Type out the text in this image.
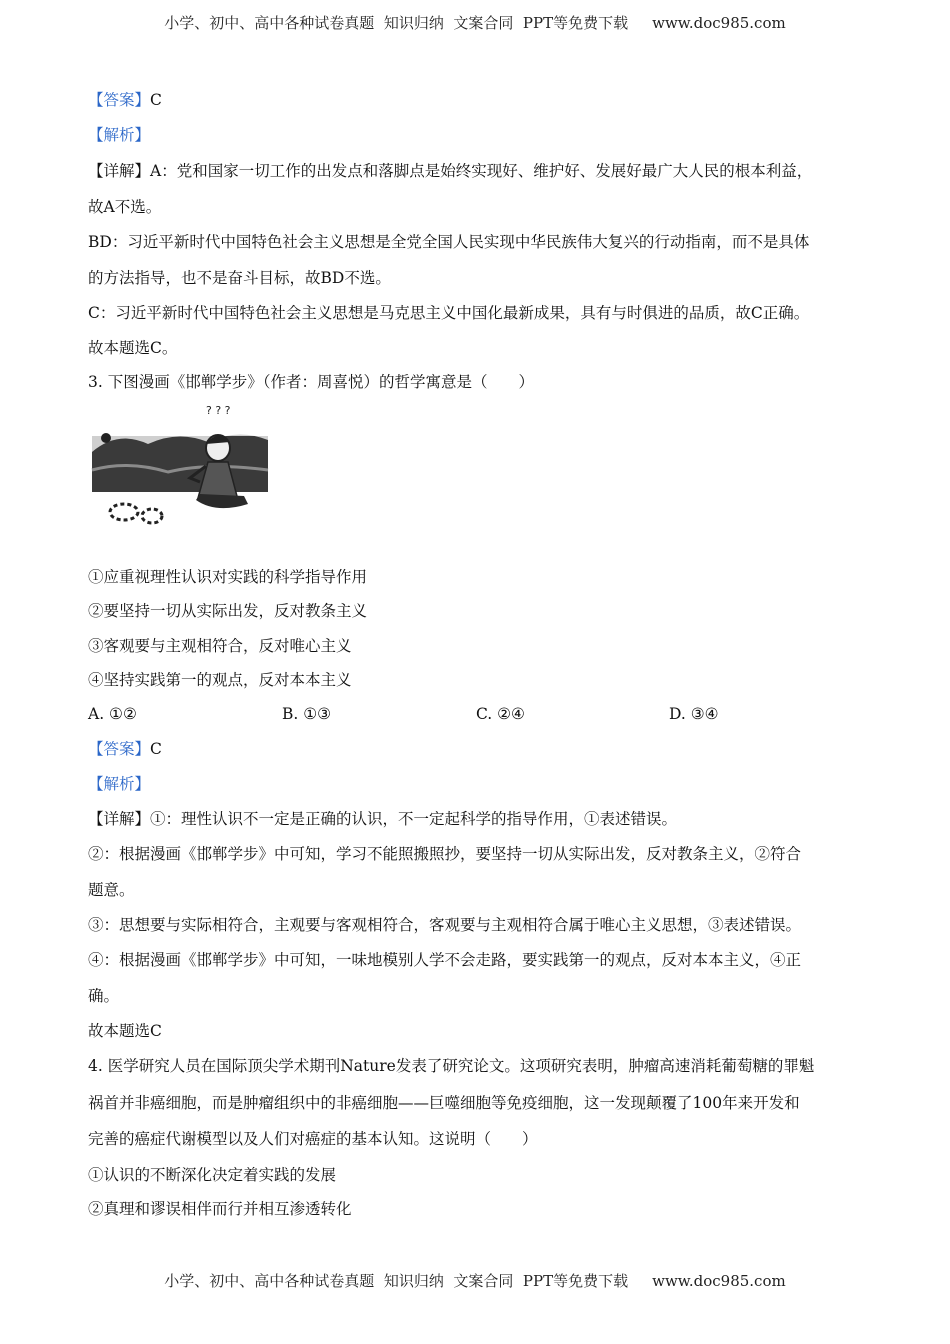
小学、初中、高中各种试卷真题  知识归纳  文案合同  PPT等免费下载 www.doc985.com
【答案】C
【解析】
【详解】A：党和国家一切工作的出发点和落脚点是始终实现好、维护好、发展好最广大人民的根本利益，
故A不选。
BD：习近平新时代中国特色社会主义思想是全党全国人民实现中华民族伟大复兴的行动指南，而不是具体
的方法指导，也不是奋斗目标，故BD不选。
C：习近平新时代中国特色社会主义思想是马克思主义中国化最新成果，具有与时俱进的品质，故C正确。
故本题选C。
3. 下图漫画《邯郸学步》（作者：周喜悦）的哲学寓意是（　　）
? ? ?
①应重视理性认识对实践的科学指导作用
②要坚持一切从实际出发，反对教条主义
③客观要与主观相符合，反对唯心主义
④坚持实践第一的观点，反对本本主义
A. ①②	B. ①③	C. ②④	D. ③④
【答案】C
【解析】
【详解】①：理性认识不一定是正确的认识，不一定起科学的指导作用，①表述错误。
②：根据漫画《邯郸学步》中可知，学习不能照搬照抄，要坚持一切从实际出发，反对教条主义，②符合
题意。
③：思想要与实际相符合，主观要与客观相符合，客观要与主观相符合属于唯心主义思想，③表述错误。
④：根据漫画《邯郸学步》中可知，一味地模别人学不会走路，要实践第一的观点，反对本本主义，④正
确。
故本题选C
4. 医学研究人员在国际顶尖学术期刊Nature发表了研究论文。这项研究表明，肿瘤高速消耗葡萄糖的罪魁
祸首并非癌细胞，而是肿瘤组织中的非癌细胞——巨噬细胞等免疫细胞，这一发现颠覆了100年来开发和
完善的癌症代谢模型以及人们对癌症的基本认知。这说明（　　）
①认识的不断深化决定着实践的发展
②真理和谬误相伴而行并相互渗透转化
小学、初中、高中各种试卷真题  知识归纳  文案合同  PPT等免费下载 www.doc985.com
